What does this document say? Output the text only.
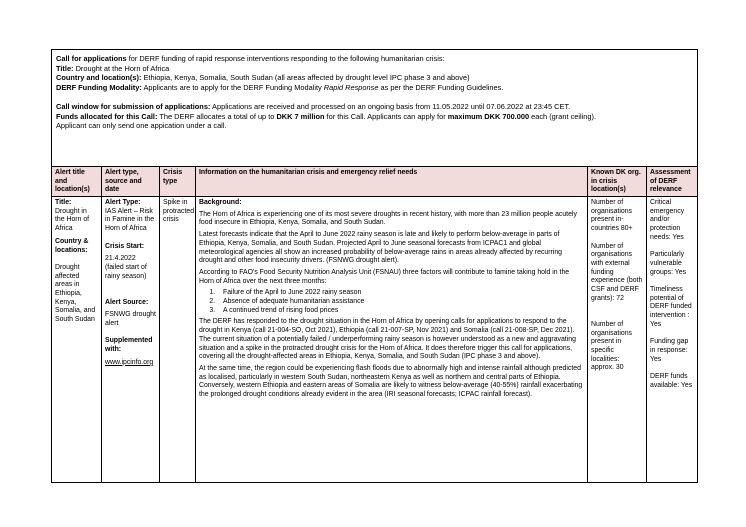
Call for applications for DERF funding of rapid response interventions responding to the following humanitarian crisis:

Title: Drought at the Horn of Africa

Country and location(s): Ethiopia, Kenya, Somalia, South Sudan (all areas affected by drought level IPC phase 3 and above)

DERF Funding Modality: Applicants are to apply for the DERF Funding Modality Rapid Response as per the DERF Funding Guidelines.

Call window for submission of applications: Applications are received and processed on an ongoing basis from 11.05.2022 until 07.06.2022 at 23:45 CET.

Funds allocated for this Call: The DERF allocates a total of up to DKK 7 million for this Call. Applicants can apply for maximum DKK 700.000 each (grant ceiling).

Applicant can only send one appication under a call.

Alert title and location(s)
Alert type, source and date
Crisis type
Information on the humanitarian crisis and emergency relief needs	Known DK org. in crisis location(s)
Assessment of DERF relevance

Title:

Drought in the Horn of Africa

Country & locations:

Drought affected areas in Ethiopia, Kenya, Somalia, and South Sudan

Alert Type:

IAS Alert – Risk in Famine in the Horn of Africa

Crisis Start:

21.4.2022 (failed start of rainy season)

Alert Source:

FSNWG drought alert

Supplemented with:

www.ipcinfo.org

Spike in protracted crisis

Background:

The Horn of Africa is experiencing one of its most severe droughts in recent history, with more than 23 million people acutely food insecure in Ethiopia, Kenya, Somalia, and South Sudan.

Latest forecasts indicate that the April to June 2022 rainy season is late and likely to perform below-average in parts of Ethiopia, Kenya, Somalia, and South Sudan. Projected April to June seasonal forecasts from ICPAC1 and global meteorological agencies all show an increased probability of below-average rains in areas already affected by recurring drought and other food insecurity drivers. (FSNWG drought alert).

According to FAO's Food Security Nutrition Analysis Unit (FSNAU) three factors will contribute to famine taking hold in the Horn of Africa over the next three months:

1. Failure of the April to June 2022 rainy season
2. Absence of adequate humanitarian assistance
3. A continued trend of rising food prices

The DERF has responded to the drought situation in the Horn of Africa by opening calls for applications to respond to the drought in Kenya (call 21-004-SO, Oct 2021), Ethiopia (call 21-007-SP, Nov 2021) and Somalia (call 21-008-SP, Dec 2021). The current situation of a potentially failed / underperforming rainy season is however understood as a new and aggravating situation and a spike in the protracted drought crisis for the Horn of Africa. It does therefore trigger this call for applications, covering all the drought-affected areas in Ethiopia, Kenya, Somalia, and South Sudan (IPC phase 3 and above).

At the same time, the region could be experiencing flash floods due to abnormally high and intense rainfall although predicted as localised, particularly in western South Sudan, northeastern Kenya as well as northern and central parts of Ethiopia. Conversely, western Ethiopia and eastern areas of Somalia are likely to witness below-average (40-55%) rainfall exacerbating the prolonged drought conditions already evident in the area (IRI seasonal forecasts; ICPAC rainfall forecast).

Number of organisations present in-countries 80+

Number of organisations with external funding experience (both CSF and DERF grants): 72

Number of organisations present in specific localities: approx. 30

Critical emergency and/or protection needs: Yes

Particularly vulnerable groups: Yes

Timeliness potential of DERF funded intervention : Yes

Funding gap in response: Yes

DERF funds available: Yes
